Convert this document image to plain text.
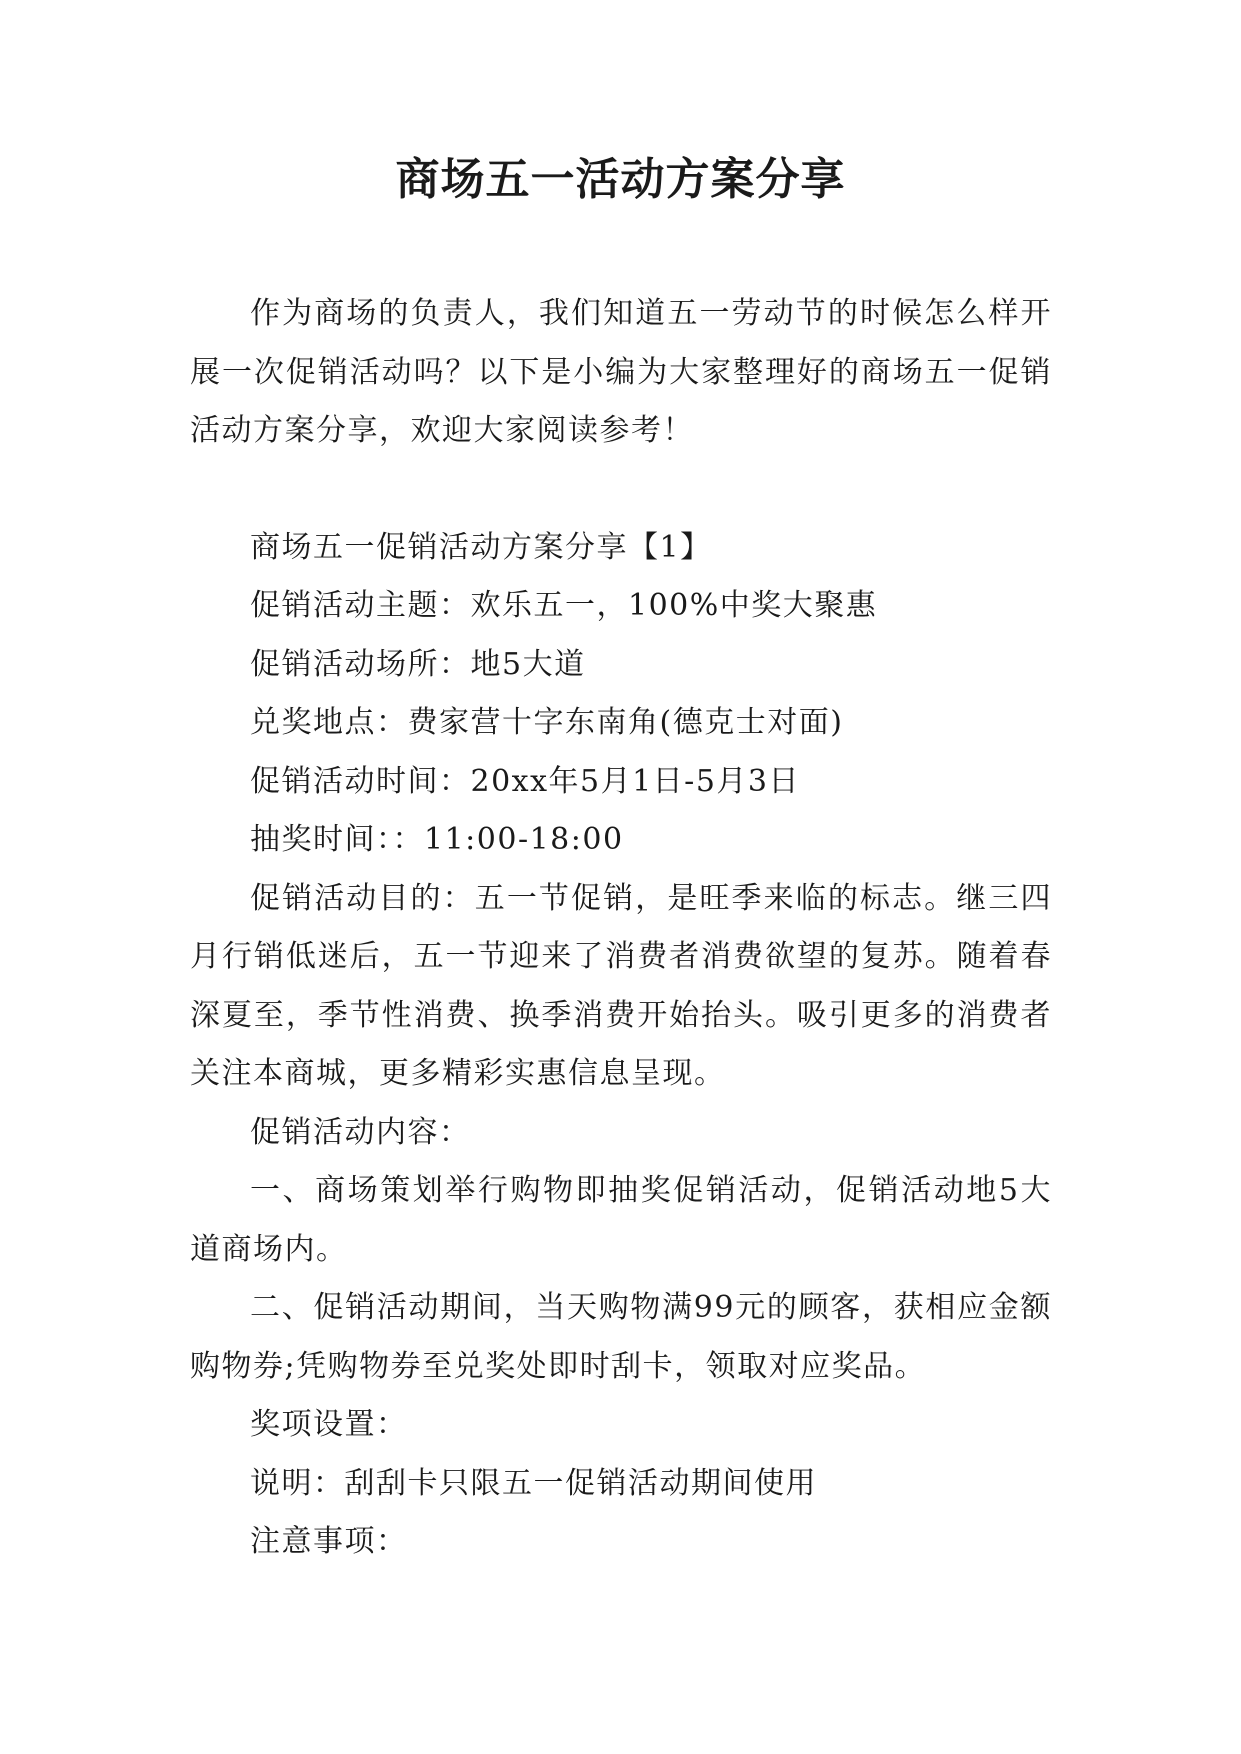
商场五一活动方案分享

作为商场的负责人，我们知道五一劳动节的时候怎么样开展一次促销活动吗？以下是小编为大家整理好的商场五一促销活动方案分享，欢迎大家阅读参考！

商场五一促销活动方案分享【1】

促销活动主题：欢乐五一，100%中奖大聚惠

促销活动场所：地5大道

兑奖地点：费家营十字东南角(德克士对面)

促销活动时间：20xx年5月1日-5月3日

抽奖时间：：11:00-18:00

促销活动目的：五一节促销，是旺季来临的标志。继三四月行销低迷后，五一节迎来了消费者消费欲望的复苏。随着春深夏至，季节性消费、换季消费开始抬头。吸引更多的消费者关注本商城，更多精彩实惠信息呈现。

促销活动内容：

一、商场策划举行购物即抽奖促销活动，促销活动地5大道商场内。

二、促销活动期间，当天购物满99元的顾客，获相应金额购物券;凭购物券至兑奖处即时刮卡，领取对应奖品。

奖项设置：

说明：刮刮卡只限五一促销活动期间使用

注意事项：
